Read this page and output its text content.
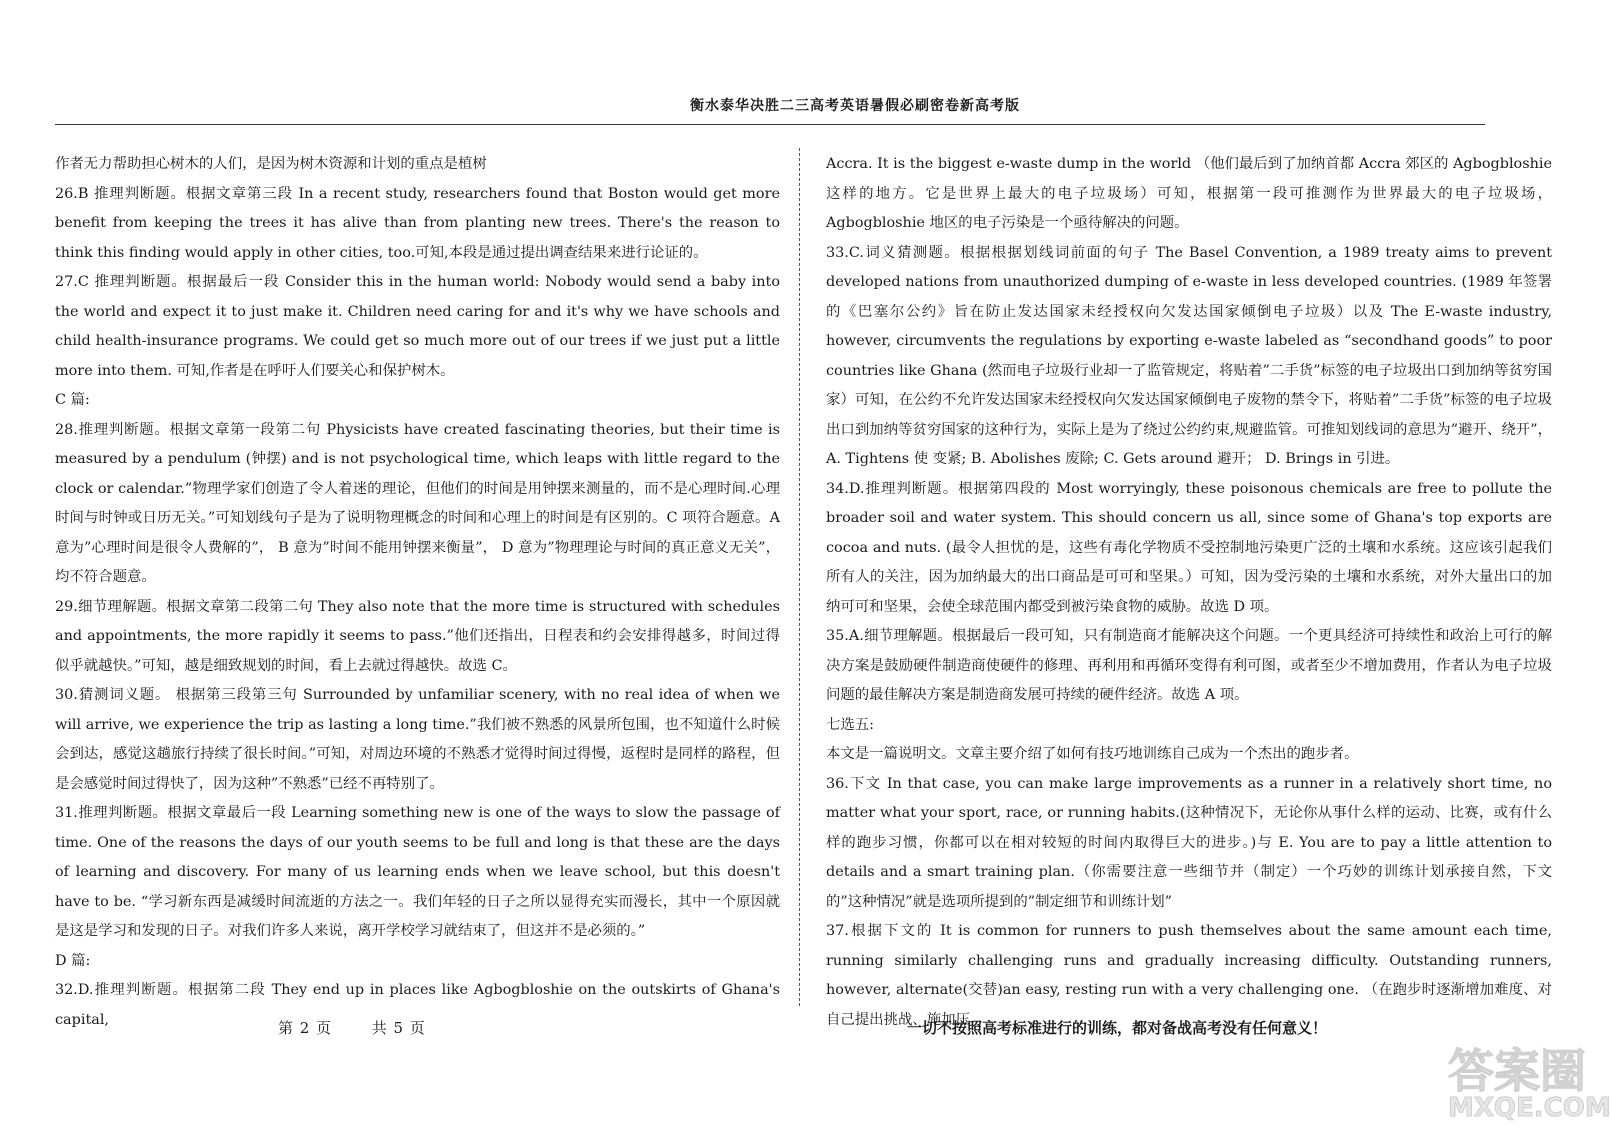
衡水泰华决胜二三高考英语暑假必刷密卷新高考版

作者无力帮助担心树木的人们，是因为树木资源和计划的重点是植树

26.B 推理判断题。根据文章第三段 In a recent study, researchers found that Boston would get more benefit from keeping the trees it has alive than from planting new trees. There's the reason to think this finding would apply in other cities, too.可知,本段是通过提出调查结果来进行论证的。

27.C 推理判断题。根据最后一段 Consider this in the human world: Nobody would send a baby into the world and expect it to just make it. Children need caring for and it's why we have schools and child health-insurance programs. We could get so much more out of our trees if we just put a little more into them. 可知,作者是在呼吁人们要关心和保护树木。

C 篇:

28.推理判断题。根据文章第一段第二句 Physicists have created fascinating theories, but their time is measured by a pendulum (钟摆) and is not psychological time, which leaps with little regard to the clock or calendar.”物理学家们创造了令人着迷的理论，但他们的时间是用钟摆来测量的，而不是心理时间.心理时间与时钟或日历无关。”可知划线句子是为了说明物理概念的时间和心理上的时间是有区别的。C 项符合题意。A 意为”心理时间是很令人费解的”， B 意为”时间不能用钟摆来衡量”， D 意为”物理理论与时间的真正意义无关”，均不符合题意。

29.细节理解题。根据文章第二段第二句 They also note that the more time is structured with schedules and appointments, the more rapidly it seems to pass.”他们还指出，日程表和约会安排得越多，时间过得似乎就越快。”可知，越是细致规划的时间，看上去就过得越快。故选 C。

30.猜测词义题。 根据第三段第三句 Surrounded by unfamiliar scenery, with no real idea of when we will arrive, we experience the trip as lasting a long time.”我们被不熟悉的风景所包围，也不知道什么时候会到达，感觉这趟旅行持续了很长时间。”可知，对周边环境的不熟悉才觉得时间过得慢，返程时是同样的路程，但是会感觉时间过得快了，因为这种”不熟悉”已经不再特别了。

31.推理判断题。根据文章最后一段 Learning something new is one of the ways to slow the passage of time. One of the reasons the days of our youth seems to be full and long is that these are the days of learning and discovery. For many of us learning ends when we leave school, but this doesn't have to be. “学习新东西是减缓时间流逝的方法之一。我们年轻的日子之所以显得充实而漫长，其中一个原因就是这是学习和发现的日子。对我们许多人来说，离开学校学习就结束了，但这并不是必须的。”

D 篇:

32.D.推理判断题。根据第二段 They end up in places like Agbogbloshie on the outskirts of Ghana's capital,

Accra. It is the biggest e-waste dump in the world （他们最后到了加纳首都 Accra 郊区的 Agbogbloshie 这样的地方。它是世界上最大的电子垃圾场）可知，根据第一段可推测作为世界最大的电子垃圾场，Agbogbloshie 地区的电子污染是一个亟待解决的问题。

33.C.词义猜测题。根据根据划线词前面的句子 The Basel Convention, a 1989 treaty aims to prevent developed nations from unauthorized dumping of e-waste in less developed countries. (1989 年签署的《巴塞尔公约》旨在防止发达国家未经授权向欠发达国家倾倒电子垃圾）以及 The E-waste industry, however, circumvents the regulations by exporting e-waste labeled as “secondhand goods” to poor countries like Ghana (然而电子垃圾行业却一了监管规定，将贴着”二手货”标签的电子垃圾出口到加纳等贫穷国家）可知，在公约不允许发达国家未经授权向欠发达国家倾倒电子废物的禁令下，将贴着”二手货”标签的电子垃圾出口到加纳等贫穷国家的这种行为，实际上是为了绕过公约约束,规避监管。可推知划线词的意思为”避开、绕开”， A. Tightens 使 变紧; B. Abolishes 废除; C. Gets around 避开； D. Brings in 引进。

34.D.推理判断题。根据第四段的 Most worryingly, these poisonous chemicals are free to pollute the broader soil and water system. This should concern us all, since some of Ghana's top exports are cocoa and nuts. (最令人担忧的是，这些有毒化学物质不受控制地污染更广泛的土壤和水系统。这应该引起我们所有人的关注，因为加纳最大的出口商品是可可和坚果。）可知，因为受污染的土壤和水系统，对外大量出口的加纳可可和坚果，会使全球范围内都受到被污染食物的威胁。故选 D 项。

35.A.细节理解题。根据最后一段可知，只有制造商才能解决这个问题。一个更具经济可持续性和政治上可行的解决方案是鼓励硬件制造商使硬件的修理、再利用和再循环变得有利可图，或者至少不增加费用，作者认为电子垃圾问题的最佳解决方案是制造商发展可持续的硬件经济。故选 A 项。

七选五:

本文是一篇说明文。文章主要介绍了如何有技巧地训练自己成为一个杰出的跑步者。

36.下文 In that case, you can make large improvements as a runner in a relatively short time, no matter what your sport, race, or running habits.(这种情况下，无论你从事什么样的运动、比赛，或有什么样的跑步习惯，你都可以在相对较短的时间内取得巨大的进步。)与 E. You are to pay a little attention to details and a smart training plan.（你需要注意一些细节并（制定）一个巧妙的训练计划承接自然，下文的”这种情况”就是选项所提到的”制定细节和训练计划”

37.根据下文的 It is common for runners to push themselves about the same amount each time, running similarly challenging runs and gradually increasing difficulty. Outstanding runners, however, alternate(交替)an easy, resting run with a very challenging one. （在跑步时逐渐增加难度、对自己提出挑战、施加压

第 2 页	共 5 页	一切不按照高考标准进行的训练，都对备战高考没有任何意义！
答案圈
MXQE.COM
